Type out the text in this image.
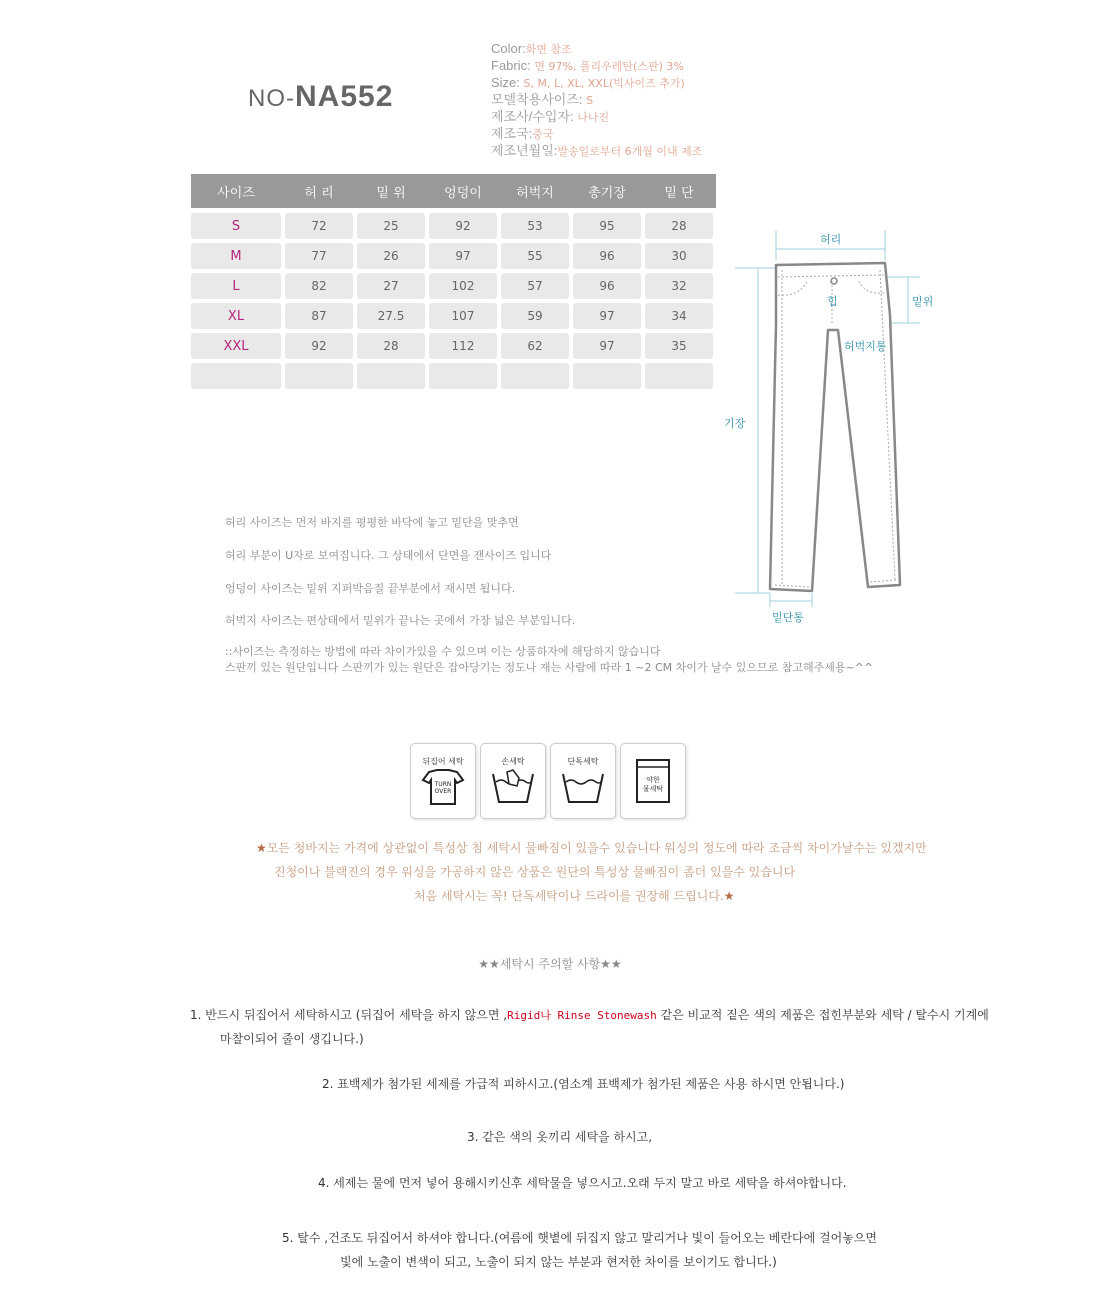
NO-NA552
Color:화면 참조
Fabric: 면 97%, 폴리우레탄(스판) 3%
Size: S, M, L, XL, XXL(빅사이즈 추가)
모델착용사이즈: S
제조사/수입자: 나나진
제조국:중국
제조년월일:발송일로부터 6개월 이내 제조
사이즈	허 리	밑 위	엉덩이	허벅지	총기장	밑 단
S	72	25	92	53	95	28
M	77	26	97	55	96	30
L	82	27	102	57	96	32
XL	87	27.5	107	59	97	34
XXL	92	28	112	62	97	35
허리
힙	밑위
허벅지통
기장
밑단통
허리 사이즈는 먼저 바지를 평평한 바닥에 놓고 밑단을 맞추면
허리 부분이 U자로 보여집니다. 그 상태에서 단면을 잰사이즈 입니다
엉덩이 사이즈는 밑위 지퍼박음질 끝부분에서 재시면 됩니다.
허벅지 사이즈는 편상태에서 밑위가 끝나는 곳에서 가장 넓은 부분입니다.
::사이즈는 측정하는 방법에 따라 차이가있을 수 있으며 이는 상품하자에 해당하지 않습니다
스판끼 있는 원단입니다 스판끼가 있는 원단은 잡아당기는 정도나 재는 사람에 따라 1 ~2 CM 차이가 날수 있으므로 참고해주세용~^^
뒤집어 세탁
TURN
OVER
손세탁	단독세탁
약한
물세탁
★모든 청바지는 가격에 상관없이 특성상 첨 세탁시 물빠짐이 있을수 있습니다 워싱의 정도에 따라 조금씩 차이가날수는 있겠지만
진청이나 블랙진의 경우 워싱을 가공하지 않은 상품은 원단의 특성상 물빠짐이 좀더 있을수 있습니다
처음 세탁시는 꼭! 단독세탁이나 드라이를 권장해 드립니다.★
★★세탁시 주의할 사항★★
1. 반드시 뒤집어서 세탁하시고 (뒤집어 세탁을 하지 않으면 ,Rigid나 Rinse Stonewash 같은 비교적 짙은 색의 제품은 접힌부분와 세탁 / 탈수시 기계에
마찰이되어 줄이 생깁니다.)
2. 표백제가 첨가된 세제를 가급적 피하시고.(염소계 표백제가 첨가된 제품은 사용 하시면 안됩니다.)
3. 같은 색의 옷끼리 세탁을 하시고,
4. 세제는 물에 먼저 넣어 용해시키신후 세탁물을 넣으시고.오래 두지 말고 바로 세탁을 하셔야합니다.
5. 탈수 ,건조도 뒤집어서 하셔야 합니다.(여름에 햇볕에 뒤집지 않고 말리거나 빛이 들어오는 베란다에 걸어놓으면
빛에 노출이 변색이 되고, 노출이 되지 않는 부분과 현저한 차이를 보이기도 합니다.)
